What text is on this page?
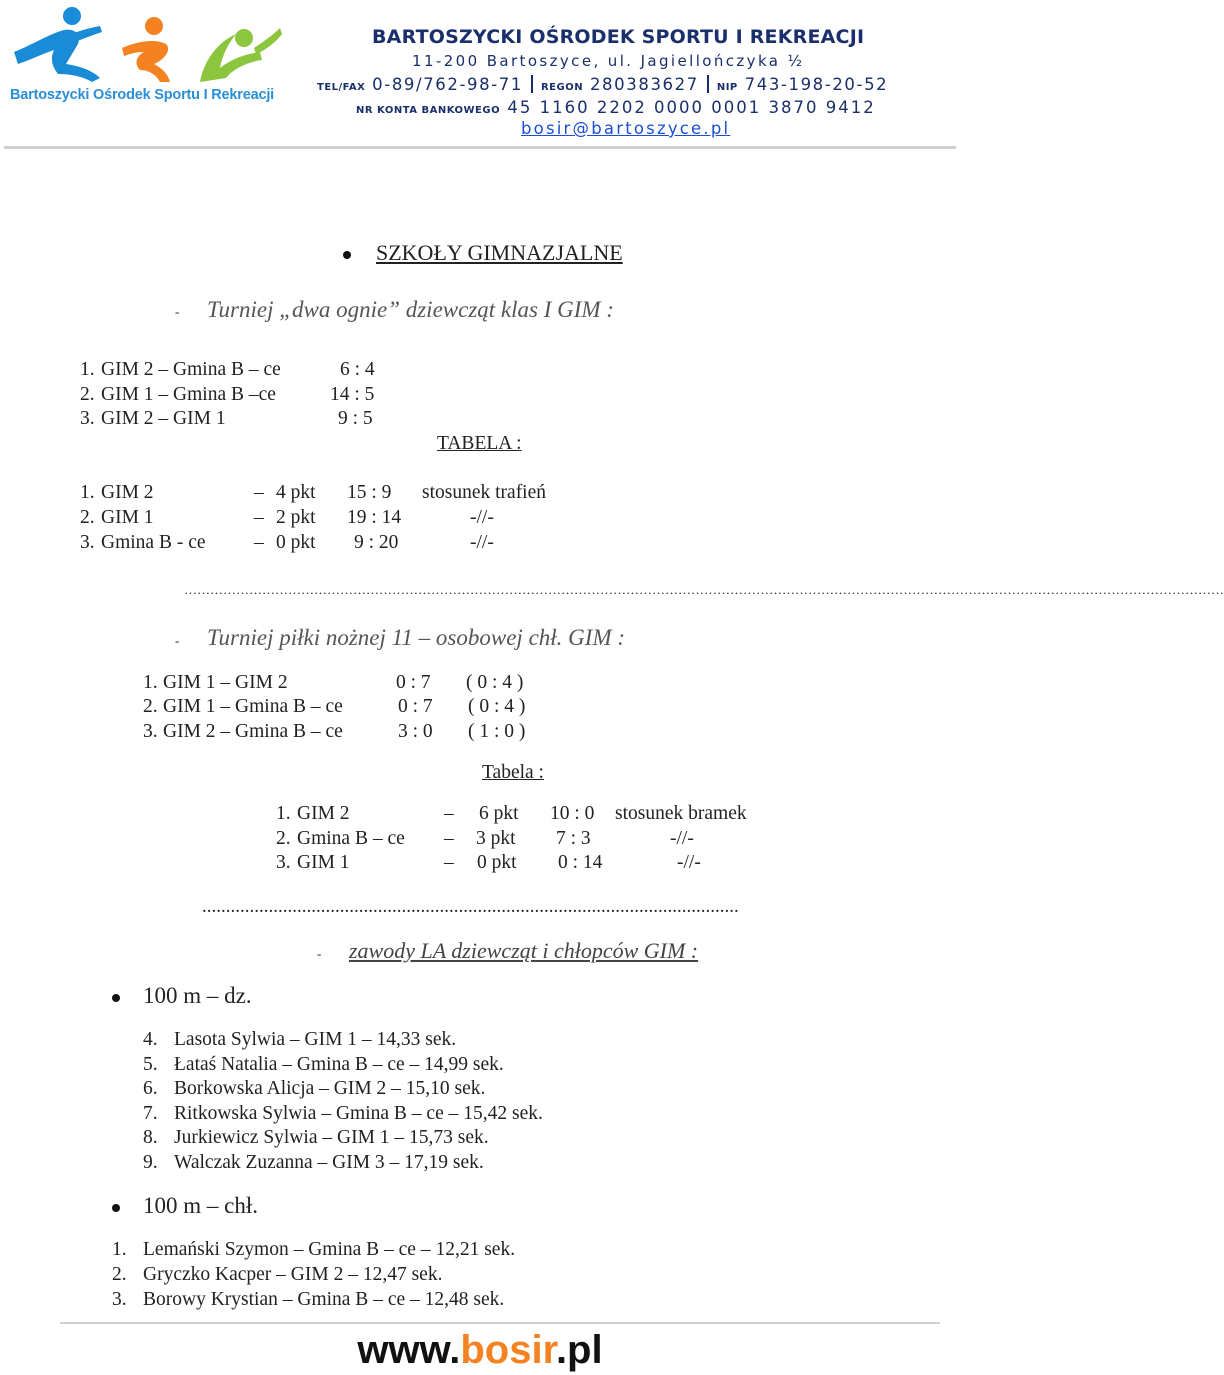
Bartoszycki Ośrodek Sportu I Rekreacji
BARTOSZYCKI OŚRODEK SPORTU I REKREACJI
11-200 Bartoszyce, ul. Jagiellończyka ½
TEL/FAX 0-89/762-98-71 REGON 280383627 NIP 743-198-20-52
NR KONTA BANKOWEGO 45 1160 2202 0000 0001 3870 9412
bosir@bartoszyce.pl
SZKOŁY GIMNAZJALNE
- Turniej „dwa ognie” dziewcząt klas I GIM :
1. GIM 2 – Gmina B – ce	6 : 4
2. GIM 1 – Gmina B –ce	14 : 5
3. GIM 2 – GIM 1	9 : 5
TABELA :
1. GIM 2	– 4 pkt 15 : 9 stosunek trafień
2. GIM 1	– 2 pkt 19 : 14	-//-
3. Gmina B - ce – 0 pkt 9 : 20	-//-
……………………………………………………………………………………………………………………………………………………………………………………………………………………
- Turniej piłki nożnej 11 – osobowej chł. GIM :
1. GIM 1 – GIM 2	0 : 7 ( 0 : 4 )
2. GIM 1 – Gmina B – ce	0 : 7 ( 0 : 4 )
3. GIM 2 – Gmina B – ce	3 : 0 ( 1 : 0 )
Tabela :
1. GIM 2	– 6 pkt 10 : 0 stosunek bramek
2. Gmina B – ce – 3 pkt 7 : 3	-//-
3. GIM 1	– 0 pkt 0 : 14	-//-
.................................................................................................................
- zawody LA dziewcząt i chłopców GIM :
100 m – dz.
4. Lasota Sylwia – GIM 1 – 14,33 sek.
5. Łataś Natalia – Gmina B – ce – 14,99 sek.
6. Borkowska Alicja – GIM 2 – 15,10 sek.
7. Ritkowska Sylwia – Gmina B – ce – 15,42 sek.
8. Jurkiewicz Sylwia – GIM 1 – 15,73 sek.
9. Walczak Zuzanna – GIM 3 – 17,19 sek.
100 m – chł.
1. Lemański Szymon – Gmina B – ce – 12,21 sek.
2. Gryczko Kacper – GIM 2 – 12,47 sek.
3. Borowy Krystian – Gmina B – ce – 12,48 sek.
www.bosir.pl
